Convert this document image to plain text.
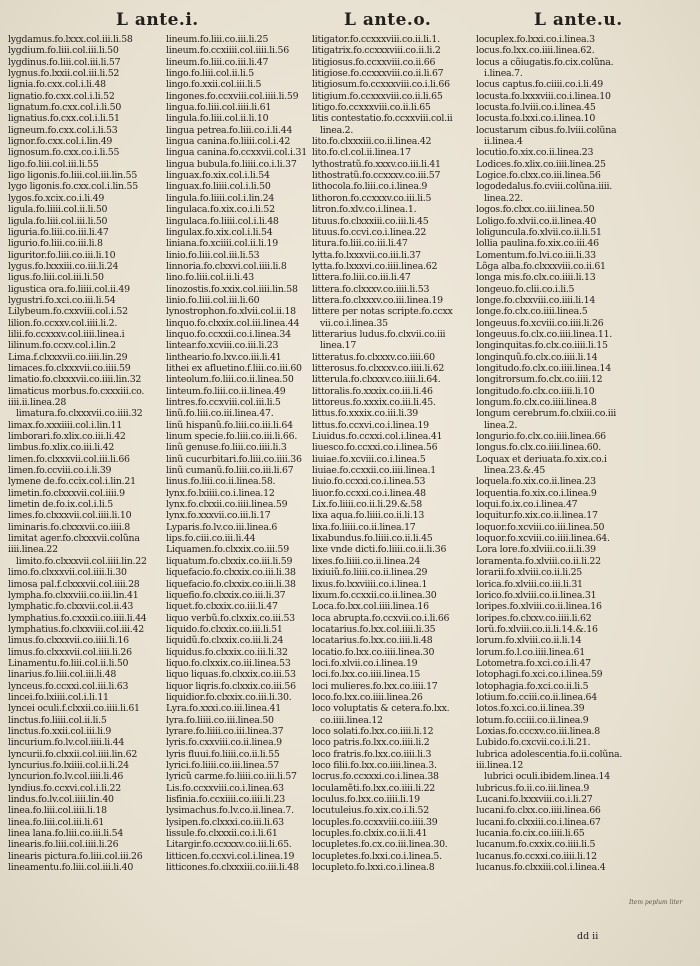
L ante.i.	L ante.o.	L ante.u.
lygdamus.fo.lxxx.col.iii.li.58
lygdium.fo.liii.col.iii.li.50
lygdinus.fo.liii.col.iii.li.57
lygnus.fo.lxxii.col.iii.li.52
lignia.fo.cxx.col.i.li.48
lignatio.fo.cxx.col.i.li.52
lignatum.fo.cxx.col.i.li.50
lignatius.fo.cxx.col.i.li.51
ligneum.fo.cxx.col.i.li.53
lignor.fo.cxx.col.i.lin.49
lignosum.fo.cxx.co.i.li.55
ligo.fo.liii.col.iii.li.55
ligo ligonis.fo.liii.col.iii.lin.55
lygo ligonis.fo.cxx.col.i.lin.55
lygos.fo.xcix.co.i.li.49
ligula.fo.liiii.col.ii.li.50
ligula.fo.liii.col.iii.li.50
liguria.fo.liii.co.iii.li.47
ligurio.fo.liii.co.iii.li.8
liguritor.fo.liii.co.iii.li.10
lygus.fo.lxxxiii.co.iii.li.24
ligus.fo.liii.col.iii.li.50
ligustica ora.fo.liiii.col.ii.49
lygustri.fo.xci.co.iii.li.54
Lilybeum.fo.cxxviii.col.i.52
lilion.fo.ccxxv.col.iiii.li.2.
lilii.fo.ccxxxv.col.iiii.linea.i
lilinum.fo.ccxv.col.i.lin.2
Lima.f.clxxxvii.co.iiii.lin.29
limaces.fo.clxxxvii.co.iiii.59
limatio.fo.clxxxvii.co.iiii.lin.32
limaticus morbus.fo.cxxxiii.co.
iiii.ii.linea.28
limatura.fo.clxxxvii.co.iiii.32
limax.fo.xxxiiii.col.i.lin.11
limborari.fo.xlix.co.iii.li.42
limbus.fo.xlix.co.iii.li.42
limen.fo.clxxxvii.col.iii.li.66
limen.fo.ccviii.co.i.li.39
lymene de.fo.ccix.col.i.lin.21
limetin.fo.clxxxvii.col.iiii.9
limetin de.fo.ix.col.i.li.5
limes.fo.clxxxvii.col.iiii.li.10
liminaris.fo.clxxxvii.co.iiii.8
limitat ager.fo.clxxxvii.colũna
iiii.linea.22
limito.fo.clxxxvii.col.iiii.lin.22
limo.fo.clxxxvii.col.iiii.li.30
limosa pal.f.clxxxvii.col.iiii.28
lympha.fo.clxxviii.co.iii.lin.41
lymphatic.fo.clxxvii.col.ii.43
lymphatius.fo.cxxxii.co.iiii.li.44
lymphatius.fo.clxxviii.col.iii.42
limus.fo.clxxxvii.co.iiii.li.16
limus.fo.clxxxvii.col.iiii.li.26
Linamentu.fo.liii.col.ii.li.50
linarius.fo.liii.col.iii.li.48
lynceus.fo.ccxxi.col.iii.li.63
lincei.fo.lxiiii.col.i.li.11
lyncei oculi.f.clxxii.co.iiii.li.61
linctus.fo.liiii.col.ii.li.5
linctus.fo.xxii.col.iii.li.9
lincurium.fo.lv.col.iiii.li.44
lyncurii.fo.clxxii.col.iiii.lin.62
lyncurius.fo.lxiiii.col.ii.li.24
lyncurion.fo.lv.col.iiii.li.46
lyndius.fo.ccxvi.col.i.li.22
lindus.fo.lv.col.iiii.lin.40
linea.fo.liii.col.iiii.li.18
linea.fo.liii.col.iii.li.61
linea lana.fo.liii.co.iii.li.54
linearis.fo.liii.col.iiii.li.26
linearis pictura.fo.liii.col.iii.26
lineamentu.fo.liii.col.iii.li.40
lineum.fo.liii.co.iii.li.25
lineum.fo.ccxiiii.col.iiii.li.56
lineum.fo.liii.co.iii.li.47
lingo.fo.liii.col.ii.li.5
lingo.fo.xxii.col.iii.li.5
lingones.fo.ccxviii.col.iiii.li.59
lingua.fo.liii.col.iiii.li.61
lingula.fo.liii.col.ii.li.10
lingua petrea.fo.liii.co.i.li.44
lingua canina.fo.liiii.col.i.42
lingua canina.fo.ccxxvii.col.i.31
lingua bubula.fo.liiii.co.i.li.37
linguax.fo.xix.col.i.li.54
linguax.fo.liiii.col.i.li.50
lingula.fo.liiii.col.i.lin.24
lingulaca.fo.xix.co.i.li.52
lingulaca.fo.liiii.col.i.li.48
lingulax.fo.xix.col.i.li.54
liniana.fo.xciiii.col.ii.li.19
linio.fo.liii.col.iii.li.53
linnoria.fo.clxxvi.col.iiii.li.8
lino.fo.liii.col.ii.li.43
linozostis.fo.xxix.col.iiii.lin.58
linio.fo.liii.col.iii.li.60
lynostrophon.fo.xlvii.col.ii.18
linquo.fo.clxxix.col.iii.linea.44
linquo.fo.ccxxii.co.i.linea.34
lintear.fo.xcviii.co.iii.li.23
lintheario.fo.lxv.co.iii.li.41
lithei ex afluetino.f.liii.co.iii.60
linteolum.fo.liii.co.ii.linea.50
linteum.fo.liii.co.ii.linea.49
lintres.fo.ccxviii.col.iii.li.5
linũ.fo.liii.co.iii.linea.47.
linũ hispanũ.fo.liii.co.iii.li.64
linum specie.fo.liii.co.iii.li.66.
linũ genuse.fo.liii.co.iiii.li.3
linũ cucurbitari.fo.liii.co.iiii.36
linũ cumanũ.fo.liii.co.iii.li.67
linus.fo.liii.co.ii.linea.58.
lynx.fo.lxiiii.co.i.linea.12
lynx.fo.clxxii.co.iiii.linea.59
lynx.fo.xxxvii.co.iii.li.17
Lyparis.fo.lv.co.iii.linea.6
lips.fo.ciii.co.iii.li.44
Liquamen.fo.clxxix.co.iii.59
liquatum.fo.clxxix.co.iii.li.59
liquefacio.fo.clxxix.co.iii.li.38
liquefacio.fo.clxxix.co.iii.li.38
liquefio.fo.clxxix.co.iii.li.37
liquet.fo.clxxix.co.iii.li.47
liquo verbũ.fo.clxxix.co.iii.53
liquido.fo.clxxix.co.iii.li.51
liquidũ.fo.clxxix.co.iii.li.24
liquidus.fo.clxxix.co.iii.li.32
liquo.fo.clxxix.co.iii.linea.53
liquo liquas.fo.clxxix.co.iii.53
liquor liqris.fo.clxxix.co.iii.56
liquidior.fo.clxxix.co.iii.li.30.
Lyra.fo.xxxi.co.iii.linea.41
lyra.fo.liiii.co.iii.linea.50
lyrare.fo.liiii.co.iii.linea.37
lyris.fo.cxxviii.co.ii.linea.9
lyris fluui.fo.liiii.co.ii.li.55
lyrici.fo.liiii.co.iii.linea.57
lyricũ carme.fo.liiii.co.iii.li.57
Lis.fo.ccxxviii.co.i.linea.63
lisfinia.fo.ccxiiii.co.iiii.li.23
lysimachus.fo.lv.co.ii.linea.7.
lysipen.fo.clxxxi.co.iii.li.63
lissule.fo.clxxxii.co.i.li.61
Litargir.fo.ccxxxv.co.iii.li.65.
litticen.fo.ccxvi.col.i.linea.19
litticones.fo.clxxxiii.co.iii.li.48
litigator.fo.ccxxxviii.co.ii.li.1.
litigatrix.fo.ccxxxviii.co.ii.li.2
litigiosus.fo.ccxxviii.co.ii.66
litigiose.fo.ccxxxviii.co.ii.li.67
litigiosum.fo.ccxxxviii.co.i.li.66
litigium.fo.ccxxxviii.co.ii.li.65
litigo.fo.ccxxxviii.co.ii.li.65
litis contestatio.fo.ccxxviii.col.ii
linea.2.
lito.fo.clxxxiii.co.ii.linea.42
lito.fo.cl.col.ii.linea.17
lythostratũ.fo.xxxv.co.iii.li.41
lithostratũ.fo.ccxxxv.co.iii.57
lithocola.fo.liii.co.i.linea.9
lithoron.fo.ccxxxv.co.iii.li.5
litron.fo.xlv.co.i.linea.1.
lituus.fo.clxxxiii.co.iii.li.45
lituus.fo.ccvi.co.i.linea.22
litura.fo.liii.co.iii.li.47
lytta.fo.lxxxvii.co.iii.li.37
lytta.fo.lxxxvi.co.iiii.linea.62
littera.fo.liii.co.iii.li.47
littera.fo.clxxxv.co.iiii.li.53
littera.fo.clxxxv.co.iii.linea.19
littere per notas scripte.fo.ccxx
vii.co.i.linea.35
litterarius ludus.fo.clxvii.co.iii
linea.17
litteratus.fo.clxxxv.co.iiii.60
litterosus.fo.clxxxv.co.iiii.li.62
litterula.fo.clxxxv.co.iiii.li.64.
littoralis.fo.xxxix.co.iii.li.46
littoreus.fo.xxxix.co.iii.li.45.
littus.fo.xxxix.co.iii.li.39
littus.fo.ccxvi.co.i.linea.19
Liuidus.fo.ccxxi.col.i.linea.41
liuesco.fo.ccxxi.co.i.linea.56
liuiae.fo.xcviii.co.i.linea.5
liuiae.fo.ccxxii.co.iiii.linea.1
liuio.fo.ccxxi.co.i.linea.53
liuor.fo.ccxxi.co.i.linea.48
Lix.fo.liiii.co.ii.li.29.&.58
lixa aqua.fo.liiii.co.ii.li.13
lixa.fo.liiii.co.ii.linea.17
lixabundus.fo.liiii.co.ii.li.45
lixe vnde dicti.fo.liiii.co.ii.li.36
lixes.fo.liiii.co.ii.linea.24
lixiuiũ.fo.liiii.co.ii.linea.29
lixus.fo.lxxviiii.co.i.linea.1
lixum.fo.ccxxii.co.ii.linea.30
Loca.fo.lxx.col.iiii.linea.16
loca abrupta.fo.ccxvii.co.i.li.66
locatarius.fo.lxx.col.iiii.li.35
locatarius.fo.lxx.co.iiii.li.48
locatio.fo.lxx.co.iiii.linea.30
loci.fo.xlvii.co.i.linea.19
loci.fo.lxx.co.iiii.linea.15
loci mulieres.fo.lxx.co.iiii.17
loco.fo.lxx.co.iiii.linea.26
loco voluptatis & cetera.fo.lxx.
co.iiii.linea.12
loco solati.fo.lxx.co.iiii.li.12
loco patris.fo.lxx.co.iiii.li.2
loco fratris.fo.lxx.co.iiii.li.3
loco filii.fo.lxx.co.iiii.linea.3.
locrus.fo.ccxxxi.co.i.linea.38
loculamẽti.fo.lxx.co.iiii.li.22
loculus.fo.lxx.co.iiii.li.19
locutuleius.fo.xix.co.i.li.52
locuples.fo.ccxxviii.co.iiii.39
locuples.fo.clxix.co.ii.li.41
locupletes.fo.cx.co.iii.linea.30.
locupletes.fo.lxxi.co.i.linea.5.
locupleto.fo.lxxi.co.i.linea.8
locuplex.fo.lxxi.co.i.linea.3
locus.fo.lxx.co.iiii.linea.62.
locus a cõiugatis.fo.cix.colũna.
i.linea.7.
locus captus.fo.ciiii.co.i.li.49
locusta.fo.lxxxviii.co.i.linea.10
locusta.fo.lviii.co.i.linea.45
locusta.fo.lxxi.co.i.linea.10
locustarum cibus.fo.lviii.colũna
ii.linea.4
locutio.fo.xix.co.ii.linea.23
Lodices.fo.xlix.co.iiii.linea.25
Logice.fo.clxx.co.iii.linea.56
logodedalus.fo.cviii.colũna.iiii.
linea.22.
logos.fo.clxx.co.iii.linea.50
Loligo.fo.xlvii.co.ii.linea.40
loliguncula.fo.xlvii.co.ii.li.51
lollia paulina.fo.xix.co.iii.46
Lomentum.fo.lvi.co.iii.li.33
Lõga alba.fo.clxxxviii.co.ii.61
longa mis.fo.clx.co.iiii.li.13
longeuo.fo.clii.co.i.li.5
longe.fo.clxxviii.co.iiii.li.14
longe.fo.clx.co.iiii.linea.5
longeuus.fo.xcviii.co.iiii.li.26
longeuus.fo.clx.co.iiii.linea.11.
longinquitas.fo.clx.co.iiii.li.15
longinquũ.fo.clx.co.iiii.li.14
longitudo.fo.clx.co.iiii.linea.14
longitrorsum.fo.clx.co.iiii.12
longitudo.fo.clx.co.iiii.li.10
longum.fo.clx.co.iiii.linea.8
longum cerebrum.fo.clxiii.co.iii
linea.2.
longurio.fo.clx.co.iiii.linea.66
longus.fo.clx.co.iiii.linea.60.
Loquax et deriuata.fo.xix.co.i
linea.23.&.45
loquela.fo.xix.co.ii.linea.23
loquentia.fo.xix.co.i.linea.9
loqui.fo.ix.co.i.linea.47
loquitur.fo.xix.co.ii.linea.17
loquor.fo.xcviii.co.iii.linea.50
loquor.fo.xcviii.co.iiii.linea.64.
Lora lore.fo.xlviii.co.ii.li.39
loramenta.fo.xlviii.co.ii.li.22
lorarii.fo.xlviii.co.ii.li.25
lorica.fo.xlviii.co.iii.li.31
lorico.fo.xlviii.co.ii.linea.31
loripes.fo.xlviii.co.ii.linea.16
loripes.fo.clxxv.co.iiii.li.62
lorũ.fo.xlviii.co.ii.li.14.&.16
lorum.fo.xlviii.co.ii.li.14
lorum.fo.l.co.iiii.linea.61
Lotometra.fo.xci.co.i.li.47
lotophagi.fo.xci.co.i.linea.59
lotophagia.fo.xci.co.ii.li.5
lotium.fo.cciii.co.ii.linea.64
lotos.fo.xci.co.ii.linea.39
lotum.fo.cciii.co.ii.linea.9
Loxias.fo.cccxv.co.iii.linea.8
Lubido.fo.cxcvii.co.i.li.21.
lubrica adolescentia.fo.ii.colũna.
iii.linea.12
lubrici oculi.ibidem.linea.14
lubricus.fo.ii.co.iii.linea.9
Lucani.fo.lxxxviii.co.i.li.27
lucani.fo.clxx.co.iiii.linea.66
lucani.fo.clxxiii.co.i.linea.67
lucania.fo.cix.co.iiii.li.65
lucanum.fo.cxxix.co.iiii.li.5
lucanus.fo.ccxxi.co.iiii.li.12
lucanus.fo.clxxiii.col.i.linea.4
Item peplum liter
dd ii
